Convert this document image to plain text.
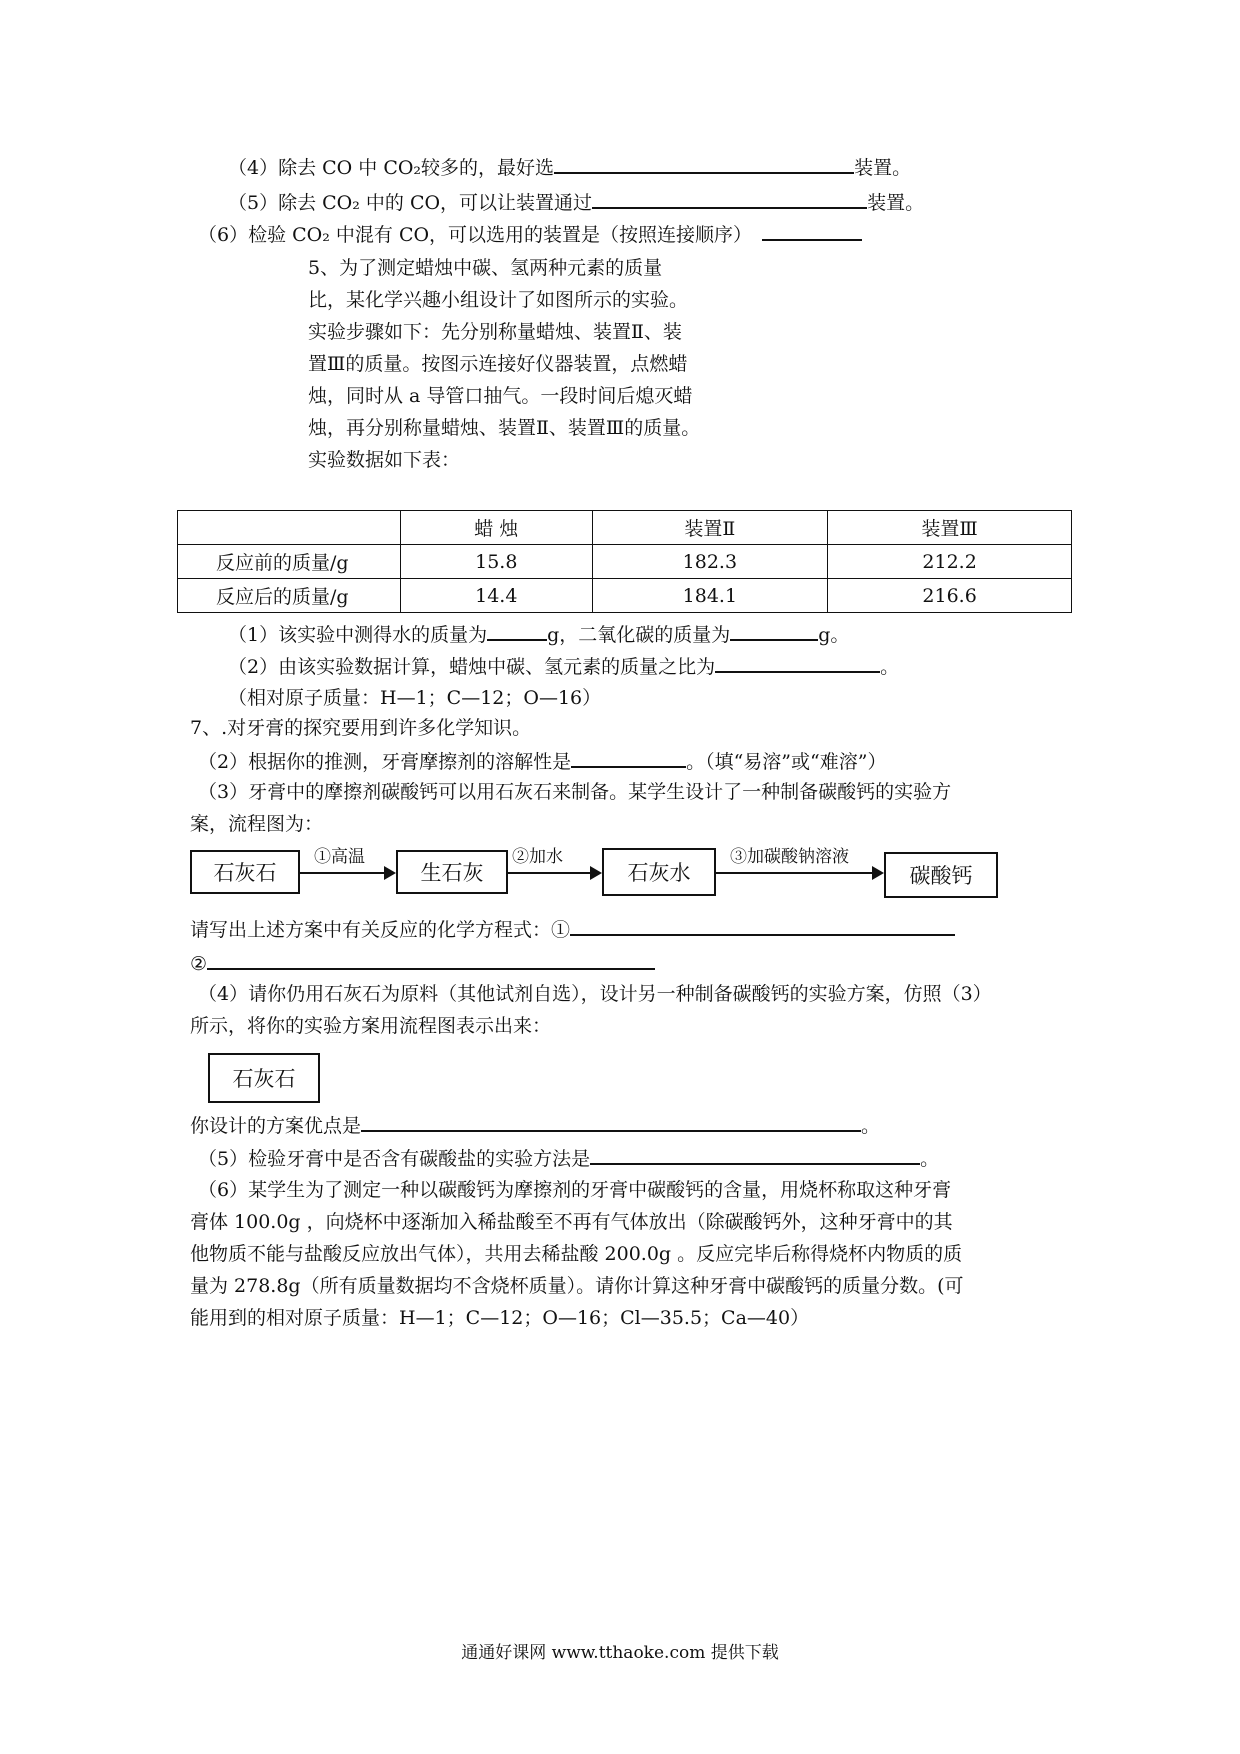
（4）除去 CO 中 CO₂较多的，最好选	装置。
（5）除去 CO₂ 中的 CO，可以让装置通过	装置。
（6）检验 CO₂ 中混有 CO，可以选用的装置是（按照连接顺序）
5、为了测定蜡烛中碳、氢两种元素的质量
比，某化学兴趣小组设计了如图所示的实验。
实验步骤如下：先分别称量蜡烛、装置Ⅱ、装
置Ⅲ的质量。按图示连接好仪器装置，点燃蜡
烛，同时从 a 导管口抽气。一段时间后熄灭蜡
烛，再分别称量蜡烛、装置Ⅱ、装置Ⅲ的质量。
实验数据如下表：
	蜡 烛	装置Ⅱ	装置Ⅲ
反应前的质量/g	15.8	182.3	212.2
反应后的质量/g	14.4	184.1	216.6
（1）该实验中测得水的质量为	g，二氧化碳的质量为	g。
（2）由该实验数据计算，蜡烛中碳、氢元素的质量之比为	。
（相对原子质量：H—1；C—12；O—16）
7、.对牙膏的探究要用到许多化学知识。
（2）根据你的推测，牙膏摩擦剂的溶解性是	。（填“易溶”或“难溶”）
（3）牙膏中的摩擦剂碳酸钙可以用石灰石来制备。某学生设计了一种制备碳酸钙的实验方
案，流程图为：
石灰石
①高温
生石灰
②加水
石灰水
③加碳酸钠溶液
碳酸钙
请写出上述方案中有关反应的化学方程式：①
②
（4）请你仍用石灰石为原料（其他试剂自选），设计另一种制备碳酸钙的实验方案，仿照（3）
所示，将你的实验方案用流程图表示出来：
石灰石
你设计的方案优点是	。
（5）检验牙膏中是否含有碳酸盐的实验方法是	。
（6）某学生为了测定一种以碳酸钙为摩擦剂的牙膏中碳酸钙的含量，用烧杯称取这种牙膏
膏体 100.0g ，向烧杯中逐渐加入稀盐酸至不再有气体放出（除碳酸钙外，这种牙膏中的其
他物质不能与盐酸反应放出气体），共用去稀盐酸 200.0g 。反应完毕后称得烧杯内物质的质
量为 278.8g（所有质量数据均不含烧杯质量）。请你计算这种牙膏中碳酸钙的质量分数。(可
能用到的相对原子质量：H—1；C—12；O—16；Cl—35.5；Ca—40）
通通好课网 www.tthaoke.com 提供下载
